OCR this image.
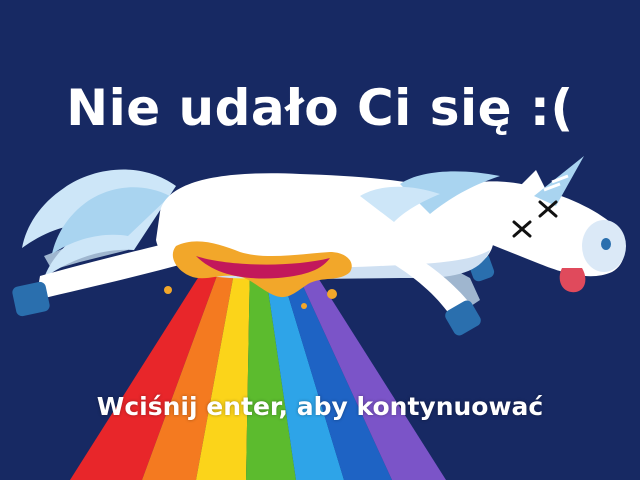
Nie udało Ci się :(
Wciśnij enter, aby kontynuować
